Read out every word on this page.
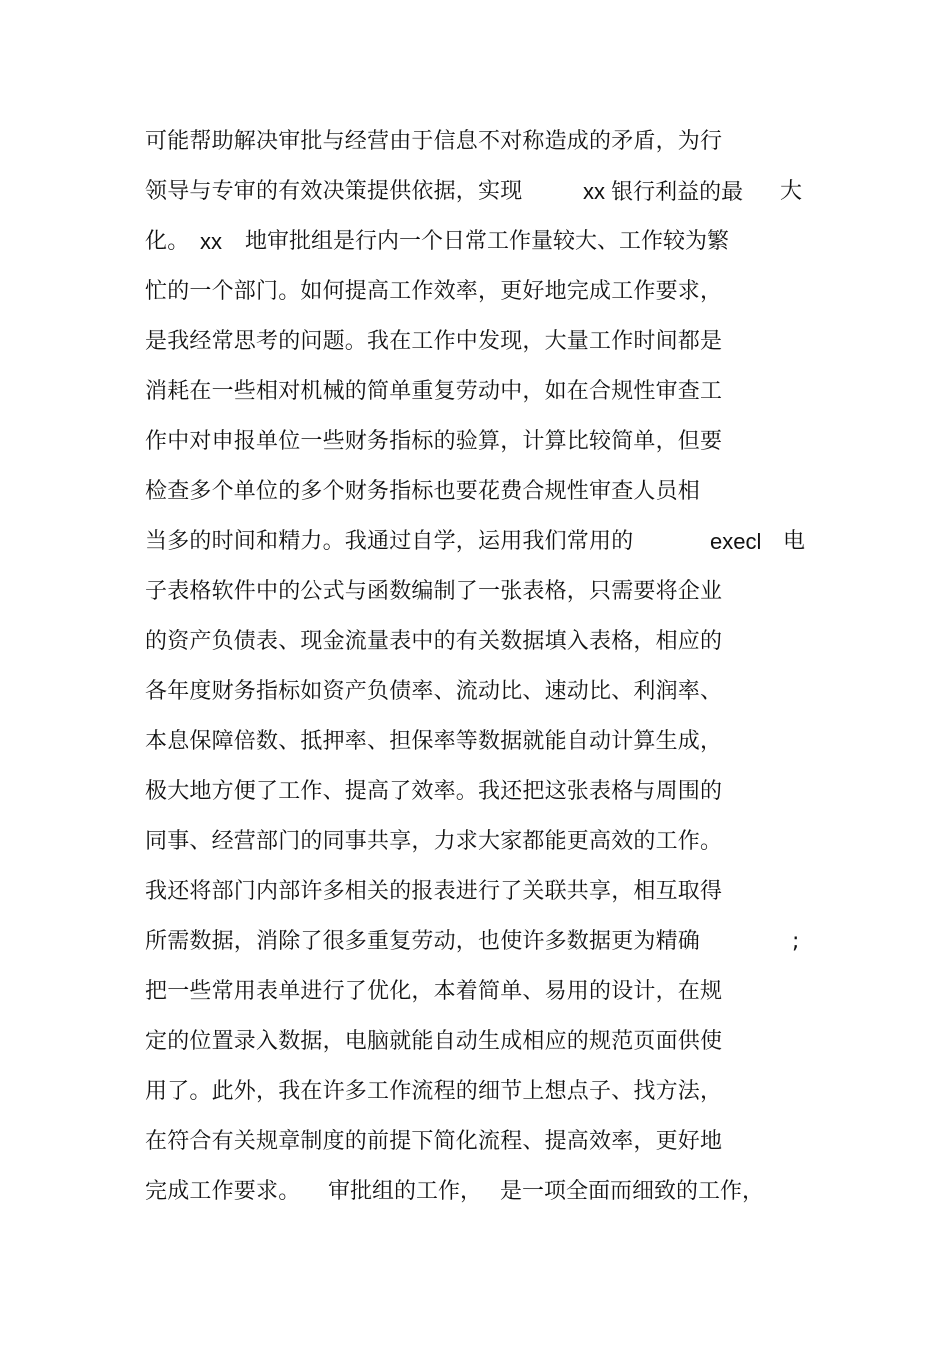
可能帮助解决审批与经营由于信息不对称造成的矛盾，为行
领导与专审的有效决策提供依据，实现	xx 银行利益的最 大
化。 xx 地审批组是行内一个日常工作量较大、工作较为繁
忙的一个部门。如何提高工作效率，更好地完成工作要求，
是我经常思考的问题。我在工作中发现，大量工作时间都是
消耗在一些相对机械的简单重复劳动中，如在合规性审查工
作中对申报单位一些财务指标的验算，计算比较简单，但要
检查多个单位的多个财务指标也要花费合规性审查人员相
当多的时间和精力。我通过自学，运用我们常用的	execl 电
子表格软件中的公式与函数编制了一张表格，只需要将企业
的资产负债表、现金流量表中的有关数据填入表格，相应的
各年度财务指标如资产负债率、流动比、速动比、利润率、
本息保障倍数、抵押率、担保率等数据就能自动计算生成，
极大地方便了工作、提高了效率。我还把这张表格与周围的
同事、经营部门的同事共享，力求大家都能更高效的工作。
我还将部门内部许多相关的报表进行了关联共享，相互取得
所需数据，消除了很多重复劳动，也使许多数据更为精确	;
把一些常用表单进行了优化，本着简单、易用的设计，在规
定的位置录入数据，电脑就能自动生成相应的规范页面供使
用了。此外，我在许多工作流程的细节上想点子、找方法，
在符合有关规章制度的前提下简化流程、提高效率，更好地
完成工作要求。 审批组的工作， 是一项全面而细致的工作，
